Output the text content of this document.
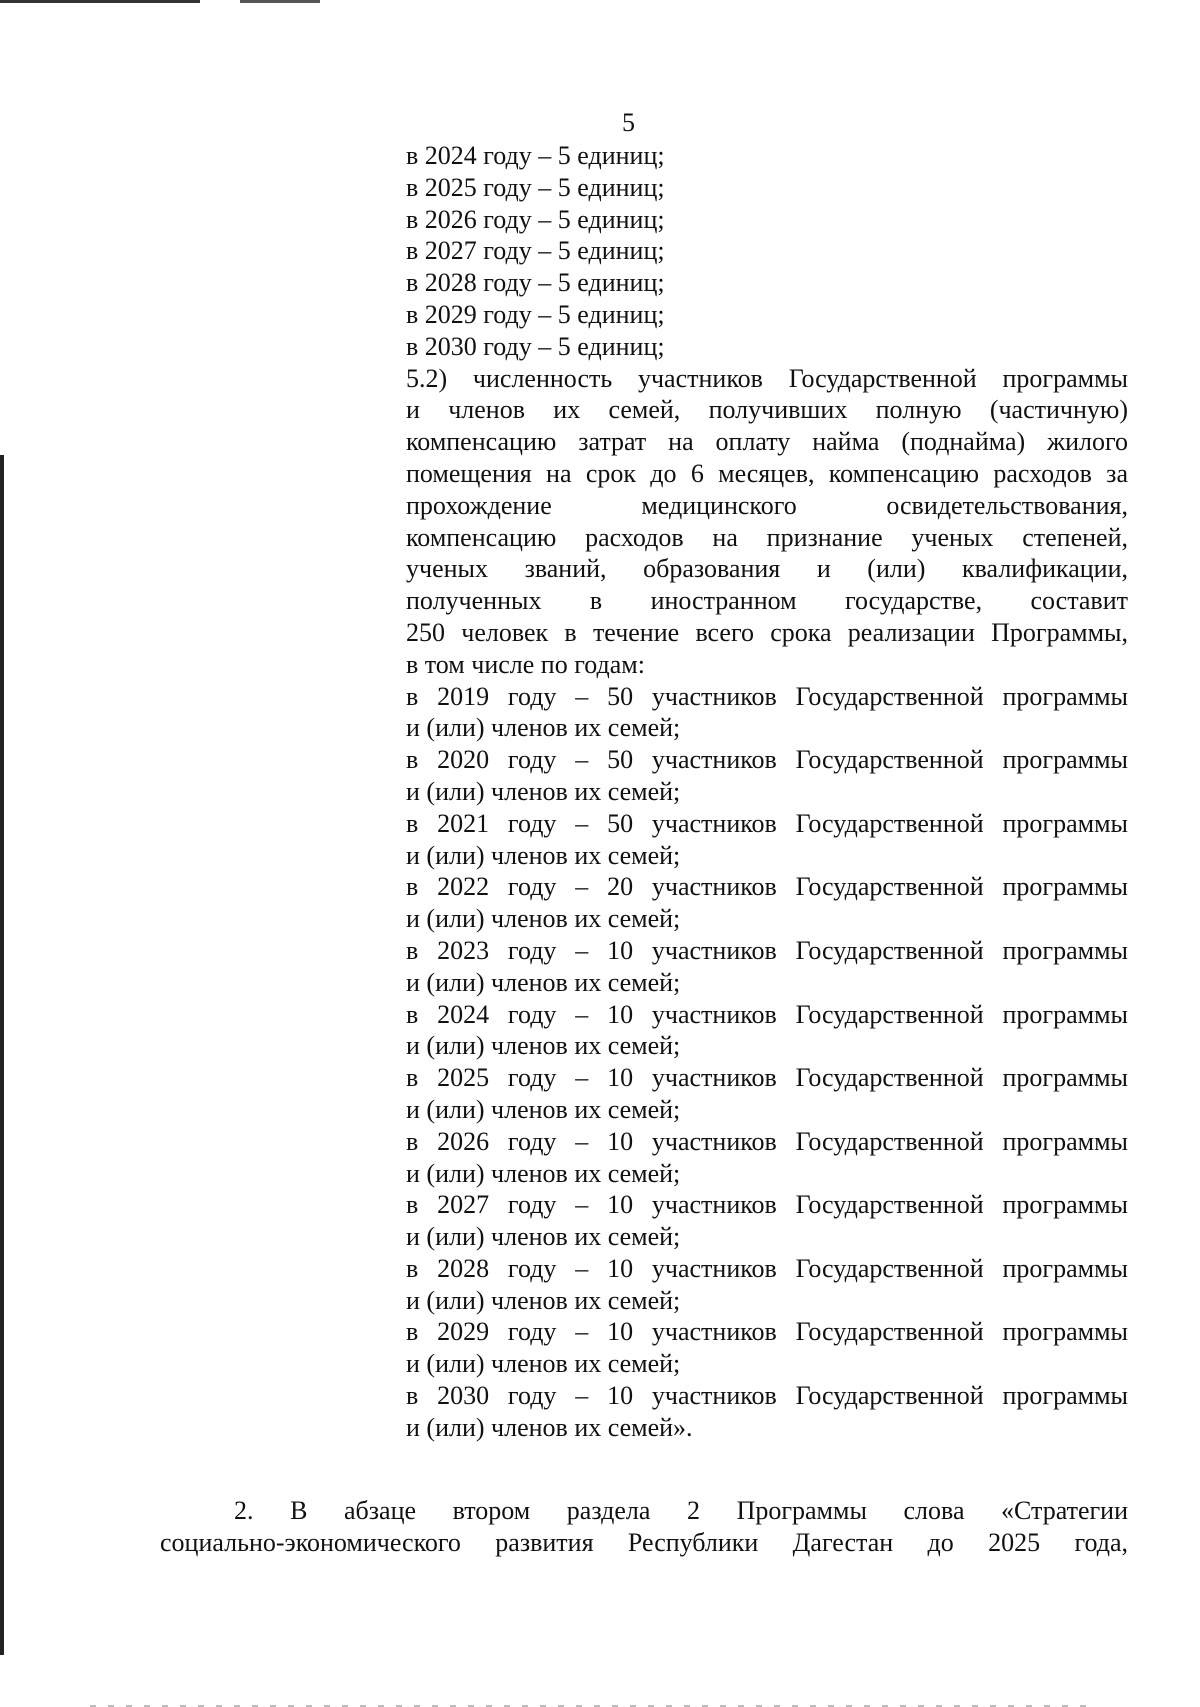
5
в 2024 году – 5 единиц;
в 2025 году – 5 единиц;
в 2026 году – 5 единиц;
в 2027 году – 5 единиц;
в 2028 году – 5 единиц;
в 2029 году – 5 единиц;
в 2030 году – 5 единиц;
5.2) численность участников Государственной программы
и членов их семей, получивших полную (частичную)
компенсацию затрат на оплату найма (поднайма) жилого
помещения на срок до 6 месяцев, компенсацию расходов за
прохождение медицинского освидетельствования,
компенсацию расходов на признание ученых степеней,
ученых званий, образования и (или) квалификации,
полученных в иностранном государстве, составит
250 человек в течение всего срока реализации Программы,
в том числе по годам:
в 2019 году – 50 участников Государственной программы
и (или) членов их семей;
в 2020 году – 50 участников Государственной программы
и (или) членов их семей;
в 2021 году – 50 участников Государственной программы
и (или) членов их семей;
в 2022 году – 20 участников Государственной программы
и (или) членов их семей;
в 2023 году – 10 участников Государственной программы
и (или) членов их семей;
в 2024 году – 10 участников Государственной программы
и (или) членов их семей;
в 2025 году – 10 участников Государственной программы
и (или) членов их семей;
в 2026 году – 10 участников Государственной программы
и (или) членов их семей;
в 2027 году – 10 участников Государственной программы
и (или) членов их семей;
в 2028 году – 10 участников Государственной программы
и (или) членов их семей;
в 2029 году – 10 участников Государственной программы
и (или) членов их семей;
в 2030 году – 10 участников Государственной программы
и (или) членов их семей».
2. В абзаце втором раздела 2 Программы слова «Стратегии
социально-экономического развития Республики Дагестан до 2025 года,
